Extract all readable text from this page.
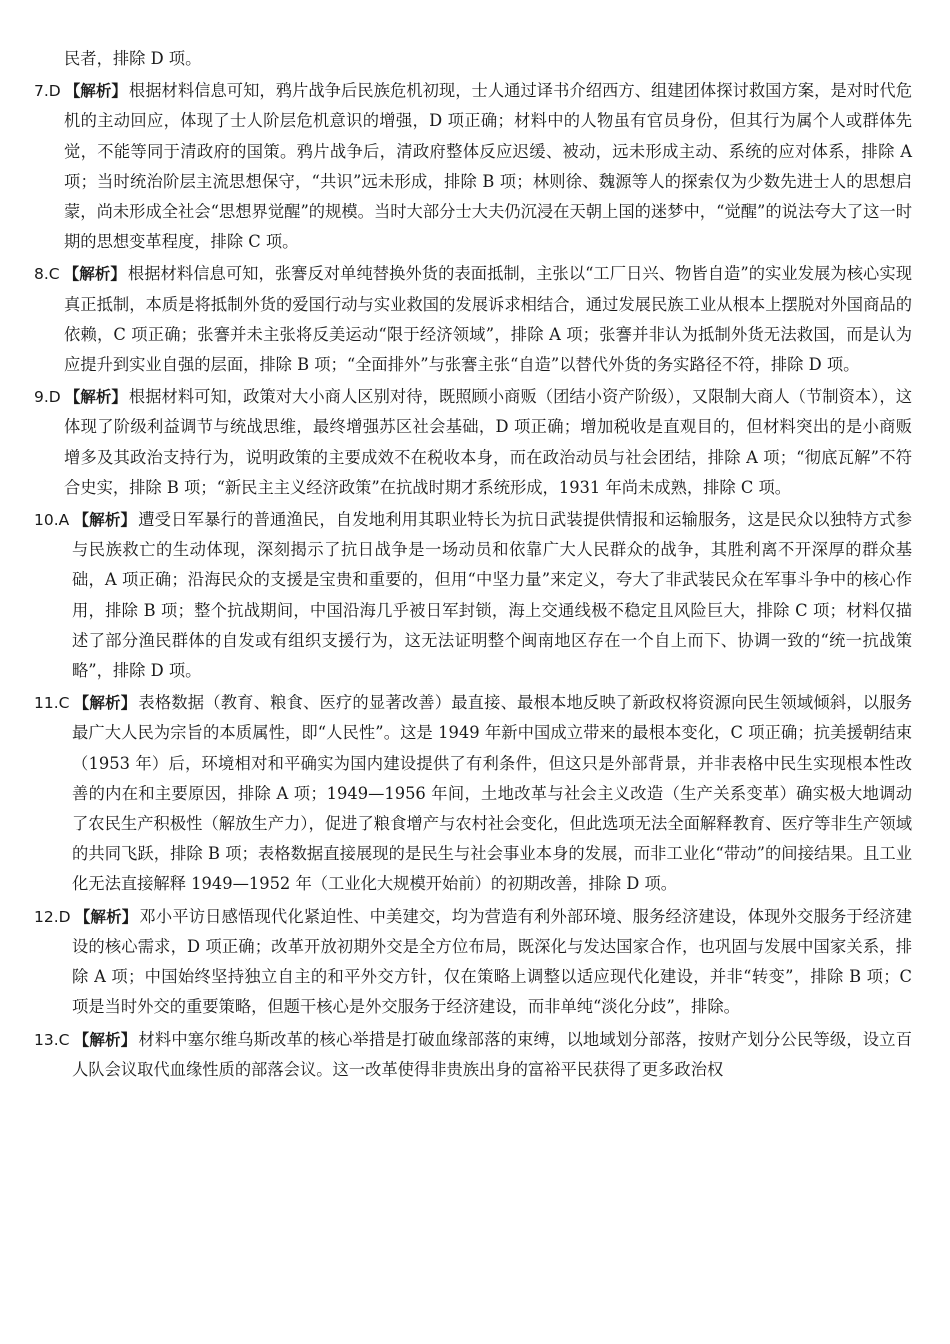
民者，排除 D 项。

7.D 【解析】 根据材料信息可知，鸦片战争后民族危机初现，士人通过译书介绍西方、组建团体探讨救国方案，是对时代危机的主动回应，体现了士人阶层危机意识的增强，D 项正确；材料中的人物虽有官员身份，但其行为属个人或群体先觉，不能等同于清政府的国策。鸦片战争后，清政府整体反应迟缓、被动，远未形成主动、系统的应对体系，排除 A 项；当时统治阶层主流思想保守，“共识”远未形成，排除 B 项；林则徐、魏源等人的探索仅为少数先进士人的思想启蒙，尚未形成全社会“思想界觉醒”的规模。当时大部分士大夫仍沉浸在天朝上国的迷梦中，“觉醒”的说法夸大了这一时期的思想变革程度，排除 C 项。

8.C 【解析】 根据材料信息可知，张謇反对单纯替换外货的表面抵制，主张以“工厂日兴、物皆自造”的实业发展为核心实现真正抵制，本质是将抵制外货的爱国行动与实业救国的发展诉求相结合，通过发展民族工业从根本上摆脱对外国商品的依赖，C 项正确；张謇并未主张将反美运动“限于经济领域”，排除 A 项；张謇并非认为抵制外货无法救国，而是认为应提升到实业自强的层面，排除 B 项；“全面排外”与张謇主张“自造”以替代外货的务实路径不符，排除 D 项。

9.D 【解析】 根据材料可知，政策对大小商人区别对待，既照顾小商贩（团结小资产阶级），又限制大商人（节制资本），这体现了阶级利益调节与统战思维，最终增强苏区社会基础，D 项正确；增加税收是直观目的，但材料突出的是小商贩增多及其政治支持行为，说明政策的主要成效不在税收本身，而在政治动员与社会团结，排除 A 项；“彻底瓦解”不符合史实，排除 B 项；“新民主主义经济政策”在抗战时期才系统形成，1931 年尚未成熟，排除 C 项。

10.A 【解析】 遭受日军暴行的普通渔民，自发地利用其职业特长为抗日武装提供情报和运输服务，这是民众以独特方式参与民族救亡的生动体现，深刻揭示了抗日战争是一场动员和依靠广大人民群众的战争，其胜利离不开深厚的群众基础，A 项正确；沿海民众的支援是宝贵和重要的，但用“中坚力量”来定义，夸大了非武装民众在军事斗争中的核心作用，排除 B 项；整个抗战期间，中国沿海几乎被日军封锁，海上交通线极不稳定且风险巨大，排除 C 项；材料仅描述了部分渔民群体的自发或有组织支援行为，这无法证明整个闽南地区存在一个自上而下、协调一致的“统一抗战策略”，排除 D 项。

11.C 【解析】 表格数据（教育、粮食、医疗的显著改善）最直接、最根本地反映了新政权将资源向民生领域倾斜，以服务最广大人民为宗旨的本质属性，即“人民性”。这是 1949 年新中国成立带来的最根本变化，C 项正确；抗美援朝结束（1953 年）后，环境相对和平确实为国内建设提供了有利条件，但这只是外部背景，并非表格中民生实现根本性改善的内在和主要原因，排除 A 项；1949—1956 年间，土地改革与社会主义改造（生产关系变革）确实极大地调动了农民生产积极性（解放生产力），促进了粮食增产与农村社会变化，但此选项无法全面解释教育、医疗等非生产领域的共同飞跃，排除 B 项；表格数据直接展现的是民生与社会事业本身的发展，而非工业化“带动”的间接结果。且工业化无法直接解释 1949—1952 年（工业化大规模开始前）的初期改善，排除 D 项。

12.D 【解析】 邓小平访日感悟现代化紧迫性、中美建交，均为营造有利外部环境、服务经济建设，体现外交服务于经济建设的核心需求，D 项正确；改革开放初期外交是全方位布局，既深化与发达国家合作，也巩固与发展中国家关系，排除 A 项；中国始终坚持独立自主的和平外交方针，仅在策略上调整以适应现代化建设，并非“转变”，排除 B 项；C 项是当时外交的重要策略，但题干核心是外交服务于经济建设，而非单纯“淡化分歧”，排除。

13.C 【解析】 材料中塞尔维乌斯改革的核心举措是打破血缘部落的束缚，以地域划分部落，按财产划分公民等级，设立百人队会议取代血缘性质的部落会议。这一改革使得非贵族出身的富裕平民获得了更多政治权
